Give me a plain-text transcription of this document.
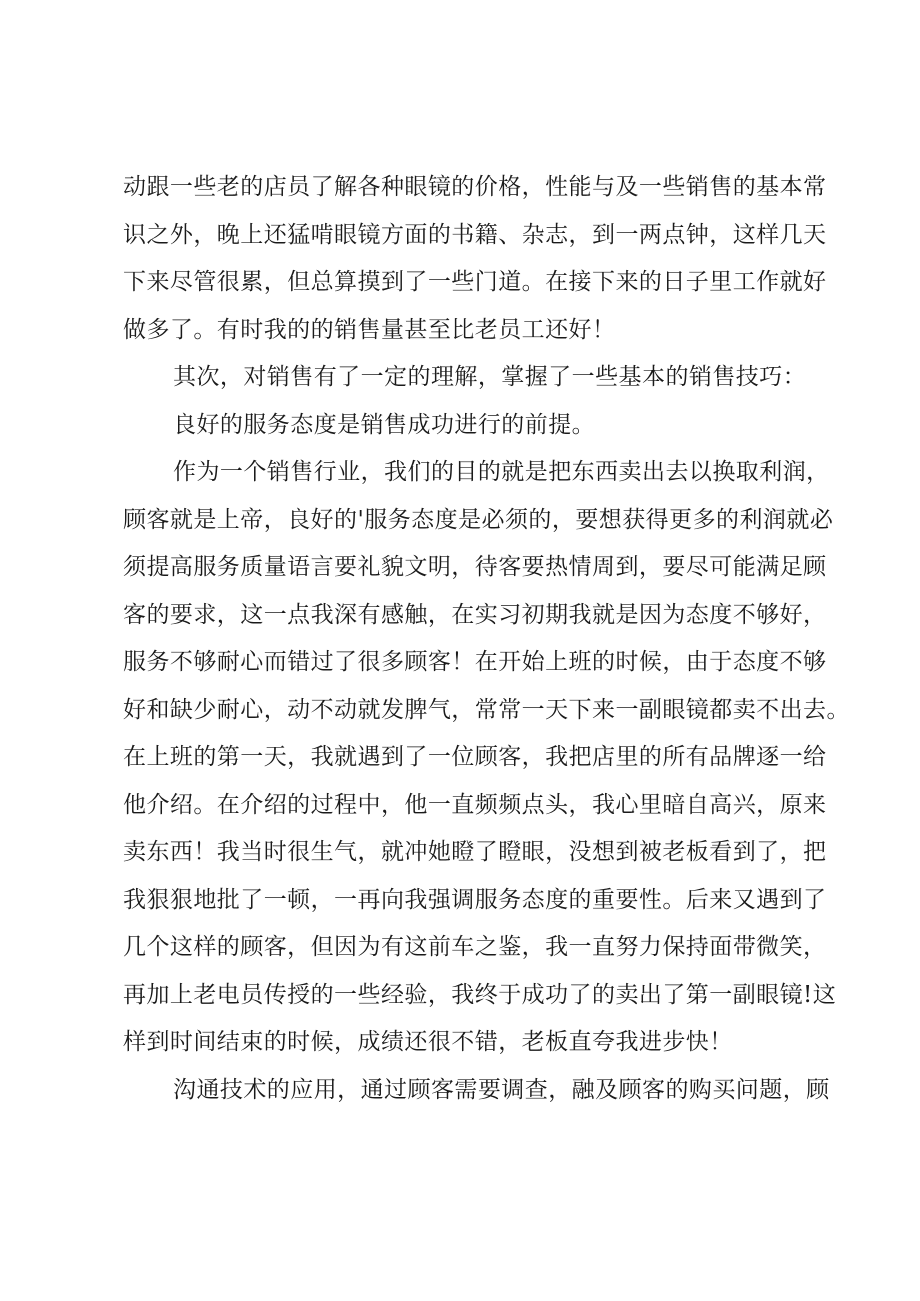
动跟一些老的店员了解各种眼镜的价格，性能与及一些销售的基本常
识之外，晚上还猛啃眼镜方面的书籍、杂志，到一两点钟，这样几天
下来尽管很累，但总算摸到了一些门道。在接下来的日子里工作就好
做多了。有时我的的销售量甚至比老员工还好！
其次，对销售有了一定的理解，掌握了一些基本的销售技巧：
良好的服务态度是销售成功进行的前提。
作为一个销售行业，我们的目的就是把东西卖出去以换取利润，
顾客就是上帝，良好的'服务态度是必须的，要想获得更多的利润就必
须提高服务质量语言要礼貌文明，待客要热情周到，要尽可能满足顾
客的要求，这一点我深有感触，在实习初期我就是因为态度不够好，
服务不够耐心而错过了很多顾客！在开始上班的时候，由于态度不够
好和缺少耐心，动不动就发脾气，常常一天下来一副眼镜都卖不出去。
在上班的第一天，我就遇到了一位顾客，我把店里的所有品牌逐一给
他介绍。在介绍的过程中，他一直频频点头，我心里暗自高兴，原来
卖东西！我当时很生气，就冲她瞪了瞪眼，没想到被老板看到了，把
我狠狠地批了一顿，一再向我强调服务态度的重要性。后来又遇到了
几个这样的顾客，但因为有这前车之鉴，我一直努力保持面带微笑，
再加上老电员传授的一些经验，我终于成功了的卖出了第一副眼镜!这
样到时间结束的时候，成绩还很不错，老板直夸我进步快！
沟通技术的应用，通过顾客需要调查，融及顾客的购买问题，顾
